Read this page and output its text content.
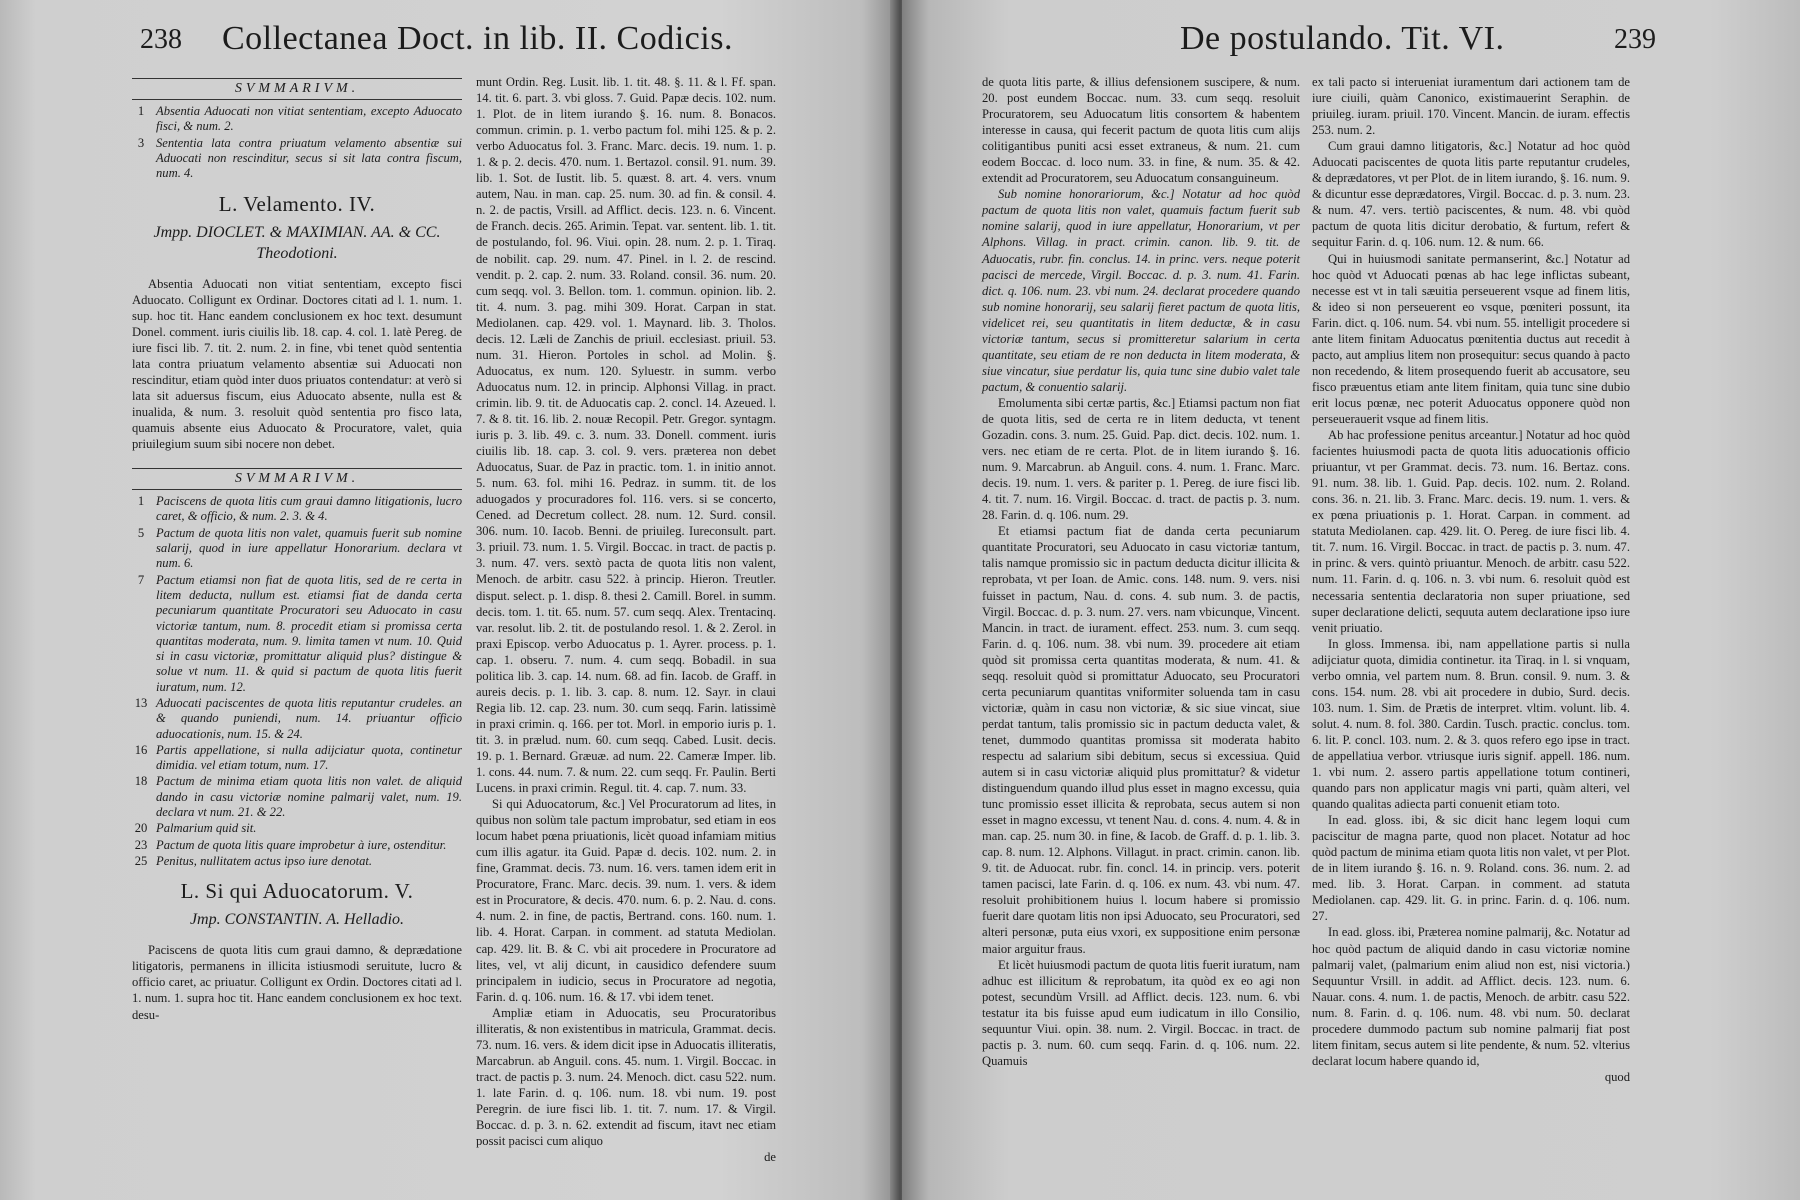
238 Collectanea Doct. in lib. II. Codicis.
SVMMARIVM.
1 Absentia Aduocati non vitiat sententiam, excepto Aduocato fisci, & num. 2.
3 Sententia lata contra priuatum velamento absentiæ sui Aduocati non rescinditur, secus si sit lata contra fiscum, num. 4.
L. Velamento. IV.
Jmpp. DIOCLET. & MAXIMIAN. AA. & CC. Theodotioni.

Absentia Aduocati non vitiat sententiam, excepto fisci Aduocato. Colligunt ex Ordinar. Doctores citati ad l. 1. num. 1. sup. hoc tit. Hanc eandem conclusionem ex hoc text. desumunt Donel. comment. iuris ciuilis lib. 18. cap. 4. col. 1. latè Pereg. de iure fisci lib. 7. tit. 2. num. 2. in fine, vbi tenet quòd sententia lata contra priuatum velamento absentiæ sui Aduocati non rescinditur, etiam quòd inter duos priuatos contendatur: at verò si lata sit aduersus fiscum, eius Aduocato absente, nulla est & inualida, & num. 3. resoluit quòd sententia pro fisco lata, quamuis absente eius Aduocato & Procuratore, valet, quia priuilegium suum sibi nocere non debet.

SVMMARIVM.
1 Paciscens de quota litis cum graui damno litigationis, lucro caret, & officio, & num. 2. 3. & 4.
5 Pactum de quota litis non valet, quamuis fuerit sub nomine salarij, quod in iure appellatur Honorarium. declara vt num. 6.
7 Pactum etiamsi non fiat de quota litis, sed de re certa in litem deducta, nullum est. etiamsi fiat de danda certa pecuniarum quantitate Procuratori seu Aduocato in casu victoriæ tantum, num. 8. procedit etiam si promissa certa quantitas moderata, num. 9. limita tamen vt num. 10. Quid si in casu victoriæ, promittatur aliquid plus? distingue & solue vt num. 11. & quid si pactum de quota litis fuerit iuratum, num. 12.
13 Aduocati paciscentes de quota litis reputantur crudeles. an & quando puniendi, num. 14. priuantur officio aduocationis, num. 15. & 24.
16 Partis appellatione, si nulla adijciatur quota, continetur dimidia. vel etiam totum, num. 17.
18 Pactum de minima etiam quota litis non valet. de aliquid dando in casu victoriæ nomine palmarij valet, num. 19. declara vt num. 21. & 22.
20 Palmarium quid sit.
23 Pactum de quota litis quare improbetur à iure, ostenditur.
25 Penitus, nullitatem actus ipso iure denotat.
L. Si qui Aduocatorum. V.
Jmp. CONSTANTIN. A. Helladio.

Paciscens de quota litis cum graui damno, & deprædatione litigatoris, permanens in illicita istiusmodi seruitute, lucro & officio caret, ac priuatur. Colligunt ex Ordin. Doctores citati ad l. 1. num. 1. supra hoc tit. Hanc eandem conclusionem ex hoc text. desu-

munt Ordin. Reg. Lusit. lib. 1. tit. 48. §. 11. & l. Ff. span. 14. tit. 6. part. 3. vbi gloss. 7. Guid. Papæ decis. 102. num. 1. Plot. de in litem iurando §. 16. num. 8. Bonacos. commun. crimin. p. 1. verbo pactum fol. mihi 125. & p. 2. verbo Aduocatus fol. 3. Franc. Marc. decis. 19. num. 1. p. 1. & p. 2. decis. 470. num. 1. Bertazol. consil. 91. num. 39. lib. 1. Sot. de Iustit. lib. 5. quæst. 8. art. 4. vers. vnum autem, Nau. in man. cap. 25. num. 30. ad fin. & consil. 4. n. 2. de pactis, Vrsill. ad Afflict. decis. 123. n. 6. Vincent. de Franch. decis. 265. Arimin. Tepat. var. sentent. lib. 1. tit. de postulando, fol. 96. Viui. opin. 28. num. 2. p. 1. Tiraq. de nobilit. cap. 29. num. 47. Pinel. in l. 2. de rescind. vendit. p. 2. cap. 2. num. 33. Roland. consil. 36. num. 20. cum seqq. vol. 3. Bellon. tom. 1. commun. opinion. lib. 2. tit. 4. num. 3. pag. mihi 309. Horat. Carpan in stat. Mediolanen. cap. 429. vol. 1. Maynard. lib. 3. Tholos. decis. 12. Læli de Zanchis de priuil. ecclesiast. priuil. 53. num. 31. Hieron. Portoles in schol. ad Molin. §. Aduocatus, ex num. 120. Syluestr. in summ. verbo Aduocatus num. 12. in princip. Alphonsi Villag. in pract. crimin. lib. 9. tit. de Aduocatis cap. 2. concl. 14. Azeued. l. 7. & 8. tit. 16. lib. 2. nouæ Recopil. Petr. Gregor. syntagm. iuris p. 3. lib. 49. c. 3. num. 33. Donell. comment. iuris ciuilis lib. 18. cap. 3. col. 9. vers. præterea non debet Aduocatus, Suar. de Paz in practic. tom. 1. in initio annot. 5. num. 63. fol. mihi 16. Pedraz. in summ. tit. de los aduogados y procuradores fol. 116. vers. si se concerto, Cened. ad Decretum collect. 28. num. 12. Surd. consil. 306. num. 10. Iacob. Benni. de priuileg. Iureconsult. part. 3. priuil. 73. num. 1. 5. Virgil. Boccac. in tract. de pactis p. 3. num. 47. vers. sextò pacta de quota litis non valent, Menoch. de arbitr. casu 522. à princip. Hieron. Treutler. disput. select. p. 1. disp. 8. thesi 2. Camill. Borel. in summ. decis. tom. 1. tit. 65. num. 57. cum seqq. Alex. Trentacinq. var. resolut. lib. 2. tit. de postulando resol. 1. & 2. Zerol. in praxi Episcop. verbo Aduocatus p. 1. Ayrer. process. p. 1. cap. 1. obseru. 7. num. 4. cum seqq. Bobadil. in sua politica lib. 3. cap. 14. num. 68. ad fin. Iacob. de Graff. in aureis decis. p. 1. lib. 3. cap. 8. num. 12. Sayr. in claui Regia lib. 12. cap. 23. num. 30. cum seqq. Farin. latissimè in praxi crimin. q. 166. per tot. Morl. in emporio iuris p. 1. tit. 3. in prælud. num. 60. cum seqq. Cabed. Lusit. decis. 19. p. 1. Bernard. Græuæ. ad num. 22. Cameræ Imper. lib. 1. cons. 44. num. 7. & num. 22. cum seqq. Fr. Paulin. Berti Lucens. in praxi crimin. Regul. tit. 4. cap. 7. num. 33.

Si qui Aduocatorum, &c.] Vel Procuratorum ad lites, in quibus non solùm tale pactum improbatur, sed etiam in eos locum habet pœna priuationis, licèt quoad infamiam mitius cum illis agatur. ita Guid. Papæ d. decis. 102. num. 2. in fine, Grammat. decis. 73. num. 16. vers. tamen idem erit in Procuratore, Franc. Marc. decis. 39. num. 1. vers. & idem est in Procuratore, & decis. 470. num. 6. p. 2. Nau. d. cons. 4. num. 2. in fine, de pactis, Bertrand. cons. 160. num. 1. lib. 4. Horat. Carpan. in comment. ad statuta Mediolan. cap. 429. lit. B. & C. vbi ait procedere in Procuratore ad lites, vel, vt alij dicunt, in causidico defendere suum principalem in iudicio, secus in Procuratore ad negotia, Farin. d. q. 106. num. 16. & 17. vbi idem tenet.

Ampliæ etiam in Aduocatis, seu Procuratoribus illiteratis, & non existentibus in matricula, Grammat. decis. 73. num. 16. vers. & idem dicit ipse in Aduocatis illiteratis, Marcabrun. ab Anguil. cons. 45. num. 1. Virgil. Boccac. in tract. de pactis p. 3. num. 24. Menoch. dict. casu 522. num. 1. late Farin. d. q. 106. num. 18. vbi num. 19. post Peregrin. de iure fisci lib. 1. tit. 7. num. 17. & Virgil. Boccac. d. p. 3. n. 62. extendit ad fiscum, itavt nec etiam possit pacisci cum aliquo

de

De postulando. Tit. VI.	239

de quota litis parte, & illius defensionem suscipere, & num. 20. post eundem Boccac. num. 33. cum seqq. resoluit Procuratorem, seu Aduocatum litis consortem & habentem interesse in causa, qui fecerit pactum de quota litis cum alijs colitigantibus puniti acsi esset extraneus, & num. 21. cum eodem Boccac. d. loco num. 33. in fine, & num. 35. & 42. extendit ad Procuratorem, seu Aduocatum consanguineum.

Sub nomine honorariorum, &c.] Notatur ad hoc quòd pactum de quota litis non valet, quamuis factum fuerit sub nomine salarij, quod in iure appellatur, Honorarium, vt per Alphons. Villag. in pract. crimin. canon. lib. 9. tit. de Aduocatis, rubr. fin. conclus. 14. in princ. vers. neque poterit pacisci de mercede, Virgil. Boccac. d. p. 3. num. 41. Farin. dict. q. 106. num. 23. vbi num. 24. declarat procedere quando sub nomine honorarij, seu salarij fieret pactum de quota litis, videlicet rei, seu quantitatis in litem deductæ, & in casu victoriæ tantum, secus si promitteretur salarium in certa quantitate, seu etiam de re non deducta in litem moderata, & siue vincatur, siue perdatur lis, quia tunc sine dubio valet tale pactum, & conuentio salarij.

Emolumenta sibi certæ partis, &c.] Etiamsi pactum non fiat de quota litis, sed de certa re in litem deducta, vt tenent Gozadin. cons. 3. num. 25. Guid. Pap. dict. decis. 102. num. 1. vers. nec etiam de re certa. Plot. de in litem iurando §. 16. num. 9. Marcabrun. ab Anguil. cons. 4. num. 1. Franc. Marc. decis. 19. num. 1. vers. & pariter p. 1. Pereg. de iure fisci lib. 4. tit. 7. num. 16. Virgil. Boccac. d. tract. de pactis p. 3. num. 28. Farin. d. q. 106. num. 29.

Et etiamsi pactum fiat de danda certa pecuniarum quantitate Procuratori, seu Aduocato in casu victoriæ tantum, talis namque promissio sic in pactum deducta dicitur illicita & reprobata, vt per Ioan. de Amic. cons. 148. num. 9. vers. nisi fuisset in pactum, Nau. d. cons. 4. sub num. 3. de pactis, Virgil. Boccac. d. p. 3. num. 27. vers. nam vbicunque, Vincent. Mancin. in tract. de iurament. effect. 253. num. 3. cum seqq. Farin. d. q. 106. num. 38. vbi num. 39. procedere ait etiam quòd sit promissa certa quantitas moderata, & num. 41. & seqq. resoluit quòd si promittatur Aduocato, seu Procuratori certa pecuniarum quantitas vniformiter soluenda tam in casu victoriæ, quàm in casu non victoriæ, & sic siue vincat, siue perdat tantum, talis promissio sic in pactum deducta valet, & tenet, dummodo quantitas promissa sit moderata habito respectu ad salarium sibi debitum, secus si excessiua. Quid autem si in casu victoriæ aliquid plus promittatur? & videtur distinguendum quando illud plus esset in magno excessu, quia tunc promissio esset illicita & reprobata, secus autem si non esset in magno excessu, vt tenent Nau. d. cons. 4. num. 4. & in man. cap. 25. num 30. in fine, & Iacob. de Graff. d. p. 1. lib. 3. cap. 8. num. 12. Alphons. Villagut. in pract. crimin. canon. lib. 9. tit. de Aduocat. rubr. fin. concl. 14. in princip. vers. poterit tamen pacisci, late Farin. d. q. 106. ex num. 43. vbi num. 47. resoluit prohibitionem huius l. locum habere si promissio fuerit dare quotam litis non ipsi Aduocato, seu Procuratori, sed alteri personæ, puta eius vxori, ex suppositione enim personæ maior arguitur fraus.

Et licèt huiusmodi pactum de quota litis fuerit iuratum, nam adhuc est illicitum & reprobatum, ita quòd ex eo agi non potest, secundùm Vrsill. ad Afflict. decis. 123. num. 6. vbi testatur ita bis fuisse apud eum iudicatum in illo Consilio, sequuntur Viui. opin. 38. num. 2. Virgil. Boccac. in tract. de pactis p. 3. num. 60. cum seqq. Farin. d. q. 106. num. 22. Quamuis

ex tali pacto si interueniat iuramentum dari actionem tam de iure ciuili, quàm Canonico, existimauerint Seraphin. de priuileg. iuram. priuil. 170. Vincent. Mancin. de iuram. effectis 253. num. 2.

Cum graui damno litigatoris, &c.] Notatur ad hoc quòd Aduocati paciscentes de quota litis parte reputantur crudeles, & deprædatores, vt per Plot. de in litem iurando, §. 16. num. 9. & dicuntur esse deprædatores, Virgil. Boccac. d. p. 3. num. 23. & num. 47. vers. tertiò paciscentes, & num. 48. vbi quòd pactum de quota litis dicitur derobatio, & furtum, refert & sequitur Farin. d. q. 106. num. 12. & num. 66.

Qui in huiusmodi sanitate permanserint, &c.] Notatur ad hoc quòd vt Aduocati pœnas ab hac lege inflictas subeant, necesse est vt in tali sæuitia perseuerent vsque ad finem litis, & ideo si non perseuerent eo vsque, pœniteri possunt, ita Farin. dict. q. 106. num. 54. vbi num. 55. intelligit procedere si ante litem finitam Aduocatus pœnitentia ductus aut recedit à pacto, aut amplius litem non prosequitur: secus quando à pacto non recedendo, & litem prosequendo fuerit ab accusatore, seu fisco præuentus etiam ante litem finitam, quia tunc sine dubio erit locus pœnæ, nec poterit Aduocatus opponere quòd non perseuerauerit vsque ad finem litis.

Ab hac professione penitus arceantur.] Notatur ad hoc quòd facientes huiusmodi pacta de quota litis aduocationis officio priuantur, vt per Grammat. decis. 73. num. 16. Bertaz. cons. 91. num. 38. lib. 1. Guid. Pap. decis. 102. num. 2. Roland. cons. 36. n. 21. lib. 3. Franc. Marc. decis. 19. num. 1. vers. & ex pœna priuationis p. 1. Horat. Carpan. in comment. ad statuta Mediolanen. cap. 429. lit. O. Pereg. de iure fisci lib. 4. tit. 7. num. 16. Virgil. Boccac. in tract. de pactis p. 3. num. 47. in princ. & vers. quintò priuantur. Menoch. de arbitr. casu 522. num. 11. Farin. d. q. 106. n. 3. vbi num. 6. resoluit quòd est necessaria sententia declaratoria non super priuatione, sed super declaratione delicti, sequuta autem declaratione ipso iure venit priuatio.

In gloss. Immensa. ibi, nam appellatione partis si nulla adijciatur quota, dimidia continetur. ita Tiraq. in l. si vnquam, verbo omnia, vel partem num. 8. Brun. consil. 9. num. 3. & cons. 154. num. 28. vbi ait procedere in dubio, Surd. decis. 103. num. 1. Sim. de Prætis de interpret. vltim. volunt. lib. 4. solut. 4. num. 8. fol. 380. Cardin. Tusch. practic. conclus. tom. 6. lit. P. concl. 103. num. 2. & 3. quos refero ego ipse in tract. de appellatiua verbor. vtriusque iuris signif. appell. 186. num. 1. vbi num. 2. assero partis appellatione totum contineri, quando pars non applicatur magis vni parti, quàm alteri, vel quando qualitas adiecta parti conuenit etiam toto.

In ead. gloss. ibi, & sic dicit hanc legem loqui cum paciscitur de magna parte, quod non placet. Notatur ad hoc quòd pactum de minima etiam quota litis non valet, vt per Plot. de in litem iurando §. 16. n. 9. Roland. cons. 36. num. 2. ad med. lib. 3. Horat. Carpan. in comment. ad statuta Mediolanen. cap. 429. lit. G. in princ. Farin. d. q. 106. num. 27.

In ead. gloss. ibi, Præterea nomine palmarij, &c. Notatur ad hoc quòd pactum de aliquid dando in casu victoriæ nomine palmarij valet, (palmarium enim aliud non est, nisi victoria.) Sequuntur Vrsill. in addit. ad Afflict. decis. 123. num. 6. Nauar. cons. 4. num. 1. de pactis, Menoch. de arbitr. casu 522. num. 8. Farin. d. q. 106. num. 48. vbi num. 50. declarat procedere dummodo pactum sub nomine palmarij fiat post litem finitam, secus autem si lite pendente, & num. 52. vlterius declarat locum habere quando id,

quod
